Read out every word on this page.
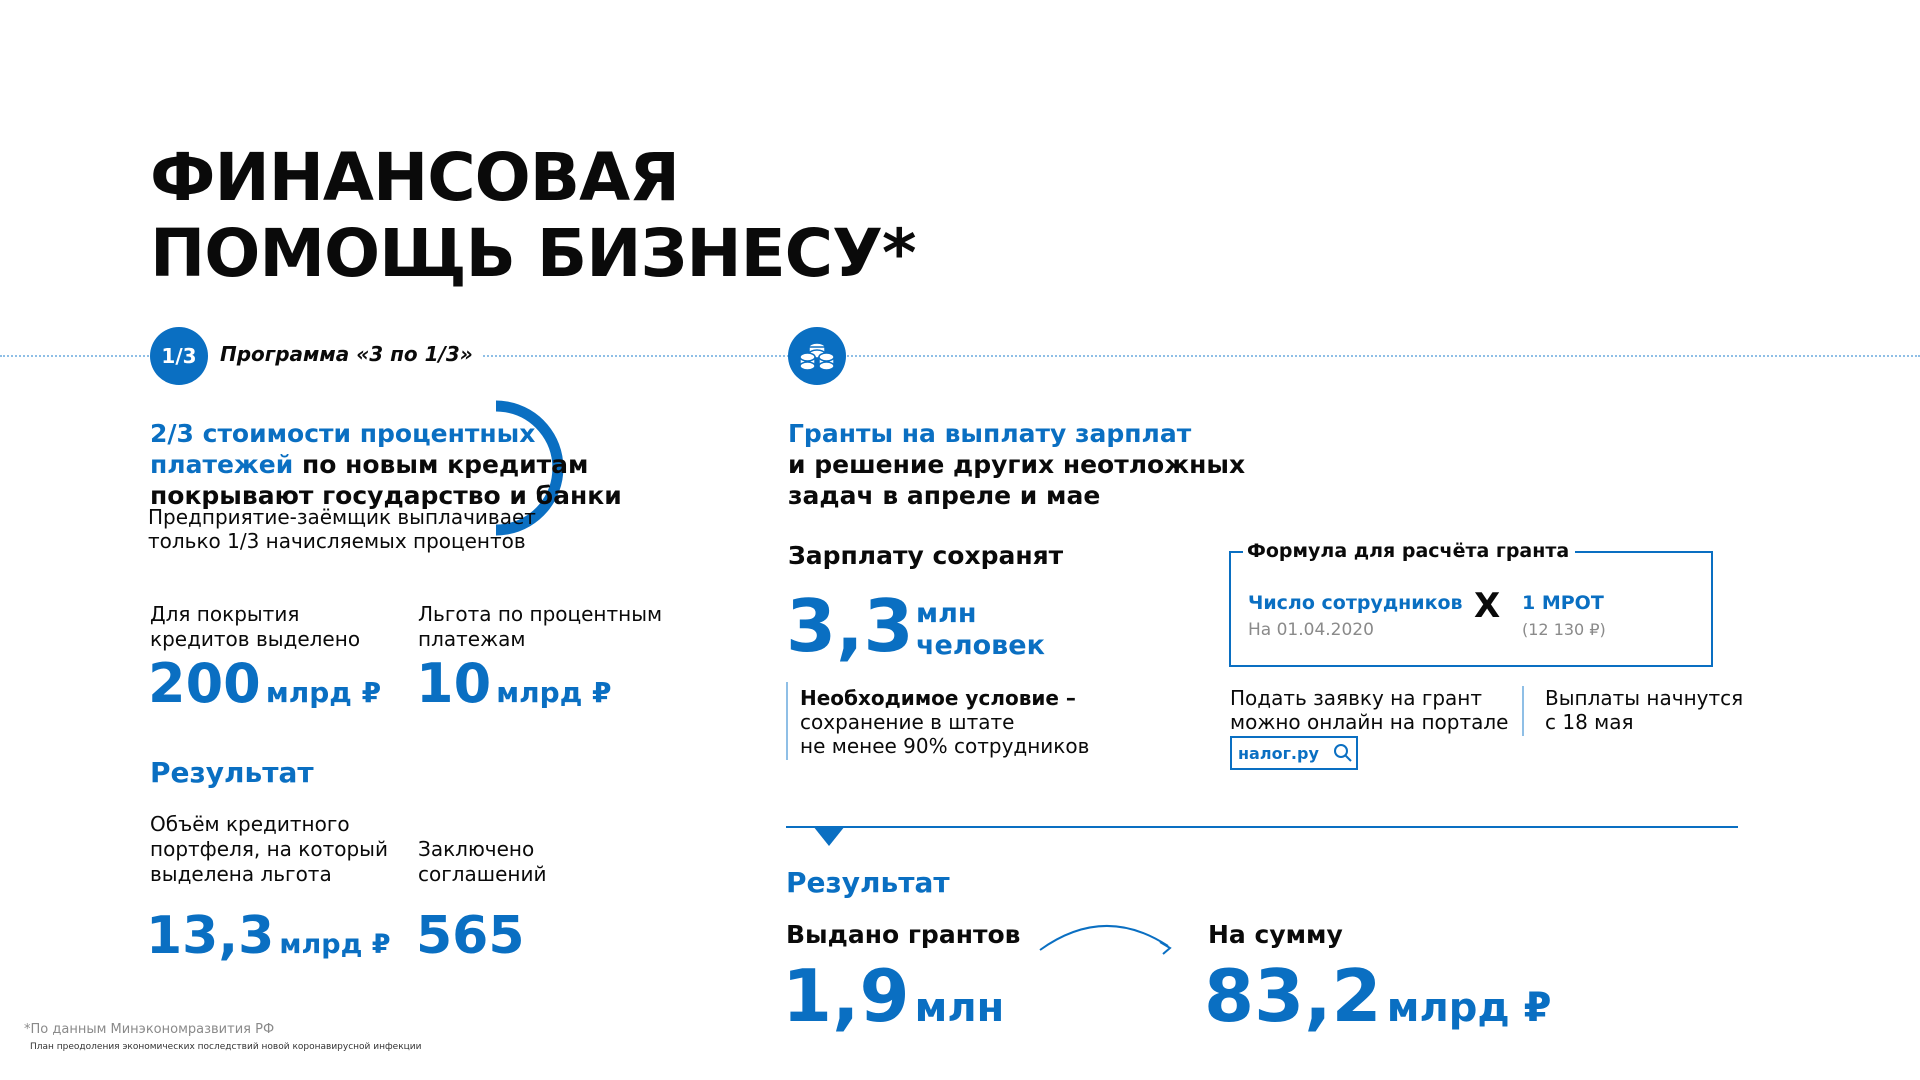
ФИНАНСОВАЯ
ПОМОЩЬ БИЗНЕСУ*
1/3	Программа «3 по 1/3»
2/3 стоимости процентных
платежей по новым кредитам
покрывают государство и банки
Предприятие-заёмщик выплачивает
только 1/3 начисляемых процентов
Для покрытия
кредитов выделено
200 млрд ₽
Льгота по процентным
платежам
10 млрд ₽
Результат
Объём кредитного
портфеля, на который
выделена льгота
13,3 млрд ₽
Заключено
соглашений
565
Гранты на выплату зарплат
и решение других неотложных
задач в апреле и мае
Зарплату сохранят
3,3 млн
человек
Необходимое условие –
сохранение в штате
не менее 90% сотрудников
Формула для расчёта гранта
Число сотрудников
На 01.04.2020
X 1 МРОТ
(12 130 ₽)
Подать заявку на грант
можно онлайн на портале
налог.ру
Выплаты начнутся
с 18 мая
Результат
Выдано грантов
1,9 млн
На сумму
83,2 млрд ₽
*По данным Минэкономразвития РФ
План преодоления экономических последствий новой коронавирусной инфекции
